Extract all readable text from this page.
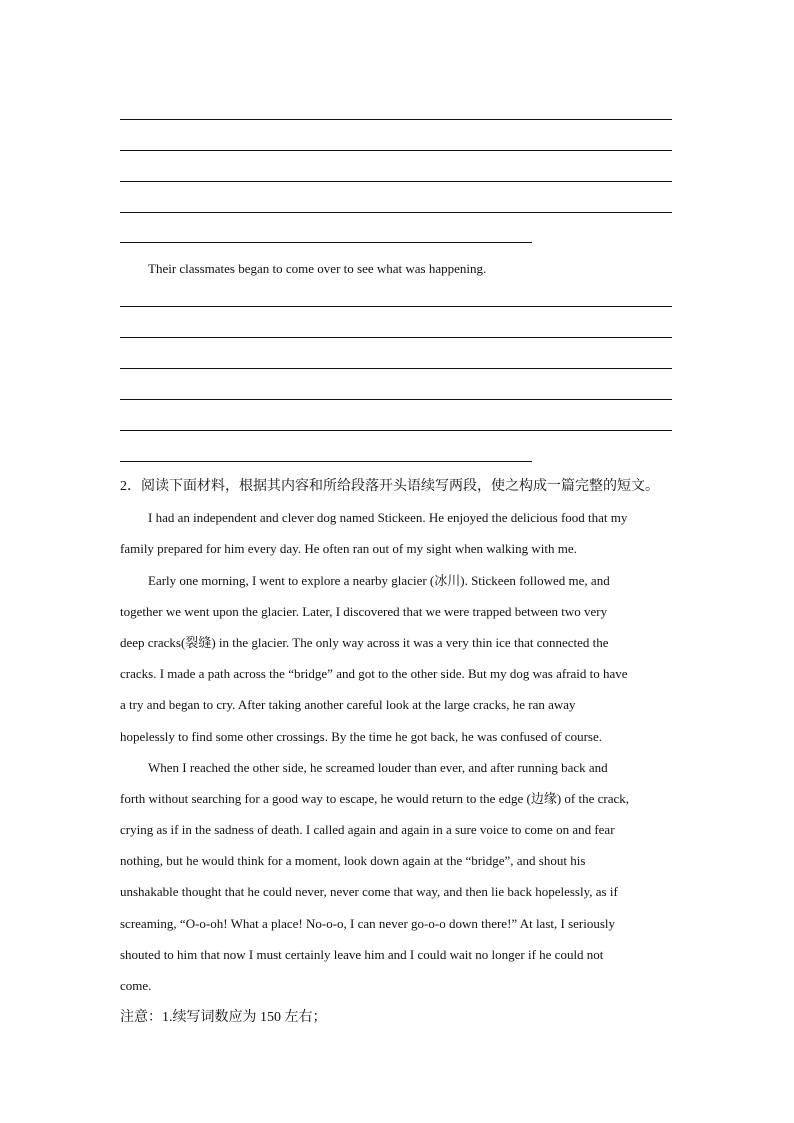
Their classmates began to come over to see what was happening.
2．阅读下面材料，根据其内容和所给段落开头语续写两段，使之构成一篇完整的短文。
I had an independent and clever dog named Stickeen. He enjoyed the delicious food that my
family prepared for him every day. He often ran out of my sight when walking with me.
Early one morning, I went to explore a nearby glacier (冰川). Stickeen followed me, and
together we went upon the glacier. Later, I discovered that we were trapped between two very
deep cracks(裂缝) in the glacier. The only way across it was a very thin ice that connected the
cracks. I made a path across the “bridge” and got to the other side. But my dog was afraid to have
a try and began to cry. After taking another careful look at the large cracks, he ran away
hopelessly to find some other crossings. By the time he got back, he was confused of course.
When I reached the other side, he screamed louder than ever, and after running back and
forth without searching for a good way to escape, he would return to the edge (边缘) of the crack,
crying as if in the sadness of death. I called again and again in a sure voice to come on and fear
nothing, but he would think for a moment, look down again at the “bridge”, and shout his
unshakable thought that he could never, never come that way, and then lie back hopelessly, as if
screaming, “O-o-oh! What a place! No-o-o, I can never go-o-o down there!” At last, I seriously
shouted to him that now I must certainly leave him and I could wait no longer if he could not
come.
注意：1.续写词数应为 150 左右；
